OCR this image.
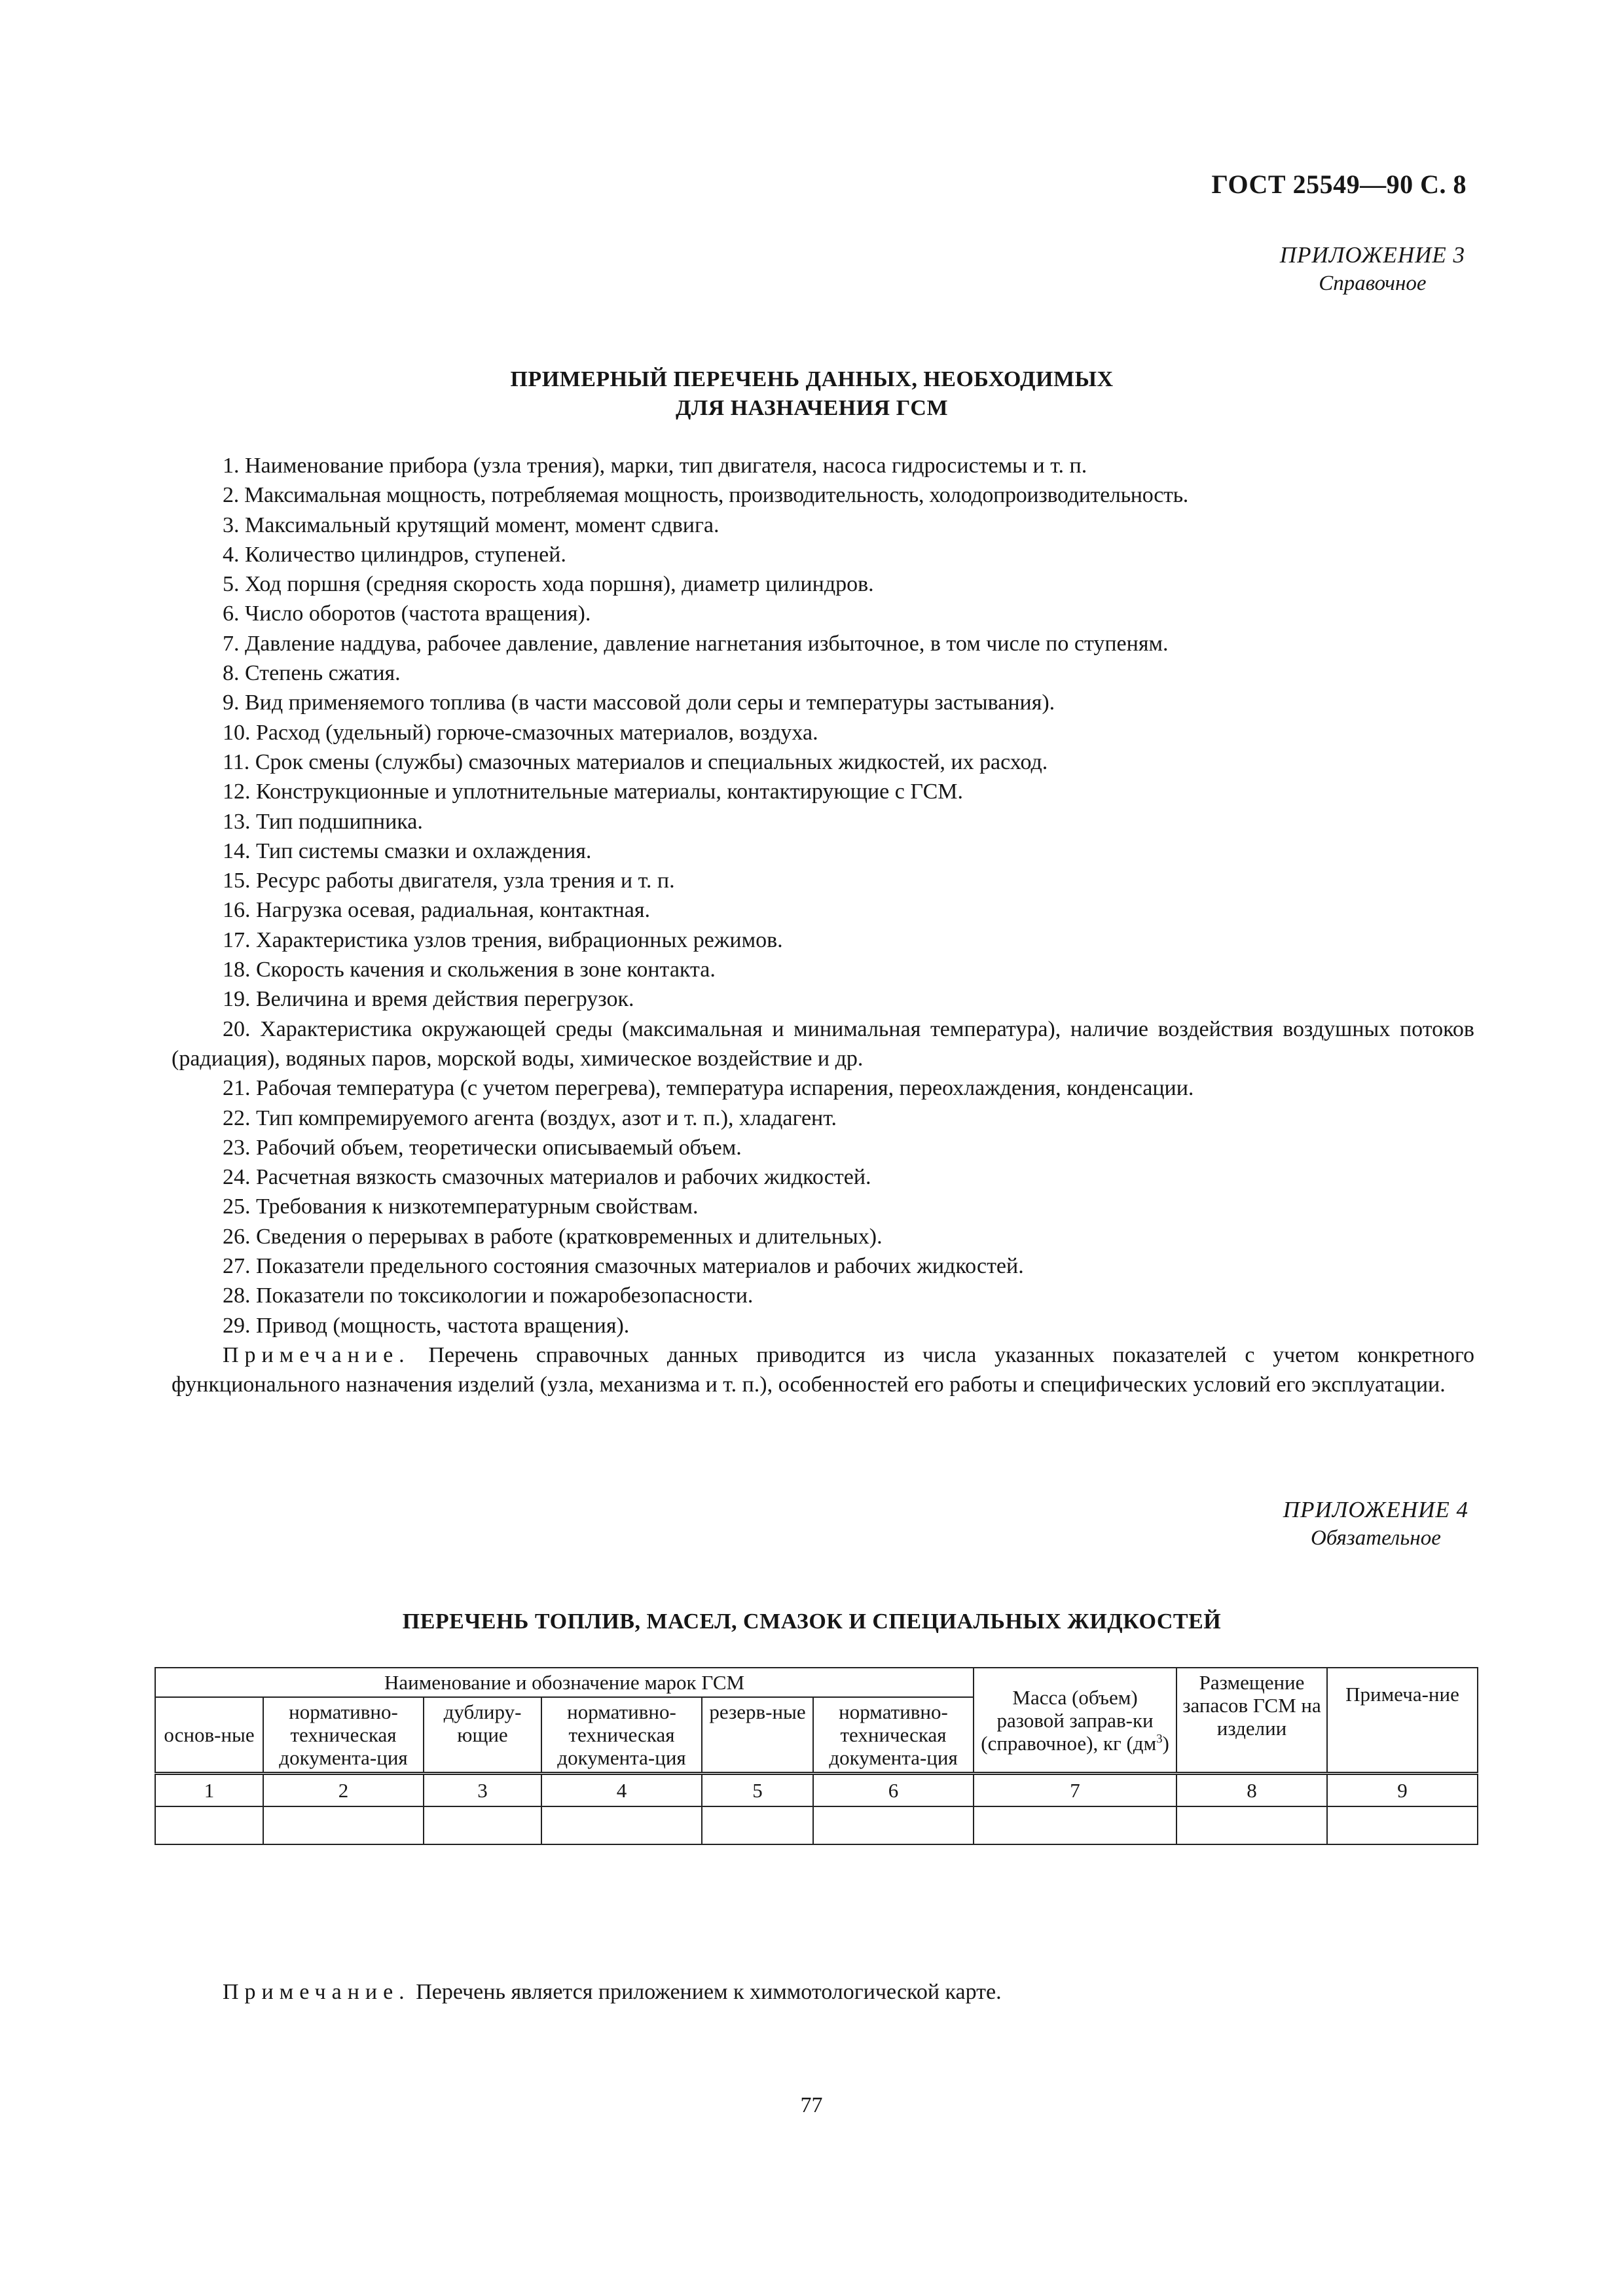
ГОСТ 25549—90 С. 8
ПРИЛОЖЕНИЕ 3
Справочное
ПРИМЕРНЫЙ ПЕРЕЧЕНЬ ДАННЫХ, НЕОБХОДИМЫХ
ДЛЯ НАЗНАЧЕНИЯ ГСМ

1. Наименование прибора (узла трения), марки, тип двигателя, насоса гидросистемы и т. п.

2. Максимальная мощность, потребляемая мощность, производительность, холодопроизводительность.

3. Максимальный крутящий момент, момент сдвига.

4. Количество цилиндров, ступеней.

5. Ход поршня (средняя скорость хода поршня), диаметр цилиндров.

6. Число оборотов (частота вращения).

7. Давление наддува, рабочее давление, давление нагнетания избыточное, в том числе по ступеням.

8. Степень сжатия.

9. Вид применяемого топлива (в части массовой доли серы и температуры застывания).

10. Расход (удельный) горюче-смазочных материалов, воздуха.

11. Срок смены (службы) смазочных материалов и специальных жидкостей, их расход.

12. Конструкционные и уплотнительные материалы, контактирующие с ГСМ.

13. Тип подшипника.

14. Тип системы смазки и охлаждения.

15. Ресурс работы двигателя, узла трения и т. п.

16. Нагрузка осевая, радиальная, контактная.

17. Характеристика узлов трения, вибрационных режимов.

18. Скорость качения и скольжения в зоне контакта.

19. Величина и время действия перегрузок.

20. Характеристика окружающей среды (максимальная и минимальная температура), наличие воздействия воздушных потоков (радиация), водяных паров, морской воды, химическое воздействие и др.

21. Рабочая температура (с учетом перегрева), температура испарения, переохлаждения, конденсации.

22. Тип компремируемого агента (воздух, азот и т. п.), хладагент.

23. Рабочий объем, теоретически описываемый объем.

24. Расчетная вязкость смазочных материалов и рабочих жидкостей.

25. Требования к низкотемпературным свойствам.

26. Сведения о перерывах в работе (кратковременных и длительных).

27. Показатели предельного состояния смазочных материалов и рабочих жидкостей.

28. Показатели по токсикологии и пожаробезопасности.

29. Привод (мощность, частота вращения).

Примечание. Перечень справочных данных приводится из числа указанных показателей с учетом конкретного функционального назначения изделий (узла, механизма и т. п.), особенностей его работы и специфических условий его эксплуатации.

ПРИЛОЖЕНИЕ 4
Обязательное
ПЕРЕЧЕНЬ ТОПЛИВ, МАСЕЛ, СМАЗОК И СПЕЦИАЛЬНЫХ ЖИДКОСТЕЙ
Наименование и обозначение марок ГСМ						Масса (объем) разовой заправ-ки (справочное), кг $(дм^3)$	Размещение запасов ГСМ на изделии	Примеча-ние
основ-ные	нормативно-техническая документа-ция	дублиру-ющие	нормативно-техническая документа-ция	резерв-ные	нормативно-техническая документа-ция			
1	2	3	4	5	6	7	8	9

Примечание. Перечень является приложением к химмотологической карте.
77
